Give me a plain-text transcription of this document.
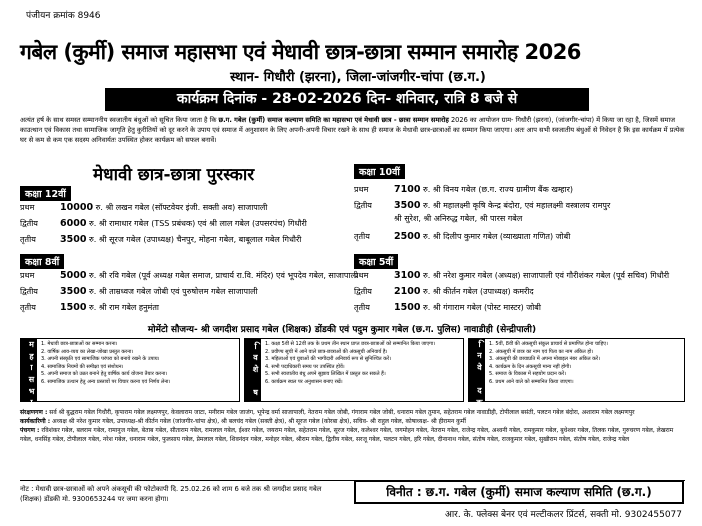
पंजीयन क्रमांक 8946
गबेल (कुर्मी) समाज महासभा एवं मेधावी छात्र-छात्रा सम्मान समारोह 2026
स्थान- गिधौरी (झरना), जिला-जांजगीर-चांपा (छ.ग.)
कार्यक्रम दिनांक - 28-02-2026 दिन- शनिवार, रात्रि 8 बजे से
अत्यंत हर्ष के साथ समस्त सम्माननीय स्वजातीय बंधुओं को सूचित किया जाता है कि छ.ग. गबेल (कुर्मी) समाज कल्याण समिति का महासभा एवं मेधावी छात्र - छात्रा सम्मान समारोह 2026 का आयोजन ग्राम- गिधौरी (झरना), (जांजगीर-चांपा) में किया जा रहा है, जिसमें समाज काउत्थान एवं विकास तथा सामाजिक जागृति हेतु कुरीतियों को दूर करने के उपाय एवं समाज में अनुशासन के लिए अपनी-अपनी विचार रखने के साथ ही समाज के मेधावी छात्र-छात्राओं का सम्मान किया जाएगा। अतः आप सभी स्वजातीय बंधुओं से निवेदन है कि इस कार्यक्रम में प्रत्येक घर से कम से कम एक सदस्य अनिवार्यतः उपस्थित होकर कार्यक्रम को सफल बनावें।
मेधावी छात्र-छात्रा पुरस्कार
कक्षा 12वीं
प्रथम	10000 रु. श्री लखन गबेल (सॉफ्टवेयर इंजी. सक्ती अव) साजापाली
द्वितीय 6000 रु. श्री रामाधार गबेल (TSS प्रबंधक) एवं श्री लाल गबेल (उपसरपंच) गिधौरी
तृतीय	3500 रु. श्री सूरज गबेल (उपाध्यक्ष) चैनपुर, मोहना गबेल, बाबूलाल गबेल गिधौरी
कक्षा 8वीं
प्रथम	5000 रु. श्री रवि गबेल (पूर्व अध्यक्ष गबेल समाज, प्राचार्य रा.वि. मंदिर) एवं भूपदेव गबेल, साजापाली
द्वितीय 3500 रु. श्री ताम्रध्वज गबेल जोबी एवं पुरुषोत्तम गबेल साजापाली
तृतीय	1500 रु. श्री राम गबेल हनुमंता
कक्षा 10वीं
प्रथम	7100 रु. श्री विनय गबेल (छ.ग. राज्य ग्रामीण बैंक खम्हार)
द्वितीय 3500 रु. श्री महालक्ष्मी कृषि केन्द्र बंदोरा, एवं महालक्ष्मी वस्त्रालय रामपुर
श्री सुरेश, श्री अनिरुद्ध गबेल, श्री पारस गबेल
तृतीय	2500 रु. श्री दिलीप कुमार गबेल (व्याख्याता गणित) जोबी
कक्षा 5वीं
प्रथम	3100 रु. श्री नरेश कुमार गबेल (अध्यक्ष) साजापाली एवं गौरीशंकर गबेल (पूर्व सचिव) गिधौरी
द्वितीय 2100 रु. श्री कीर्तन गबेल (उपाध्यक्ष) कमरीद
तृतीय	1500 रु. श्री गंगाराम गबेल (पोस्ट मास्टर) जोबी
मोमेंटो सौजन्य- श्री जगदीश प्रसाद गबेल (शिक्षक) डोंडकी एवं पदुम कुमार गबेल (छ.ग. पुलिस) नावाडीही (सेन्द्रीपाली)
महासभा 1. मेधावी छात्र-छात्राओं का सम्मान करना।
2. वार्षिक आय-व्यय का लेखा-जोखा प्रस्तुत करना।
3. अपनी संस्कृति एवं सामाजिक परंपरा को बनाये रखने के उपाय।
4. सामाजिक नियमों की समीक्षा एवं संशोधन।
5. अपनी समाज को उन्नत बनाने हेतु वार्षिक कार्य योजना तैयार करना।
6. सामाजिक उत्थान हेतु अन्य प्रस्तावों पर विचार करना एवं निर्णय लेना।	विशेष 1. कक्षा 5वीं से 12वीं तक के प्रथम तीन स्थान प्राप्त छात्र-छात्राओं को सम्मानित किया जाएगा।
2. प्रवीण्य सूची में आने वाले छात्र-छात्राओं की अंकसूची अनिवार्य है।
3. महिलाओं एवं युवाओं की भागीदारी अनिवार्य रूप से सुनिश्चित करें।
4. सभी पदाधिकारी समय पर उपस्थित होवें।
5. सभी स्वजातीय बंधु अपने सुझाव लिखित में प्रस्तुत कर सकते हैं।
6. कार्यक्रम स्थल पर अनुशासन बनाए रखें।	निवेदक 1. 5वीं, 8वीं की अंकसूची संकुल प्राचार्य से प्रमाणित होना चाहिए।
2. अंकसूची में छात्र का नाम एवं पिता का नाम अंकित हो।
3. अंकसूची की छायाप्रति में अपना मोबाइल नंबर अंकित करें।
4. कार्यक्रम के दिन अंकसूची मान्य नहीं होगी।
5. समाज के विकास में सहयोग प्रदान करें।
6. प्रथम आने वाले को सम्मानित किया जाएगा।
संरक्षणगण : सर्व श्री बुद्धराम गबेल गिधौरी, कृपाराम गबेल लक्ष्मणपुर, केवलाराम जाटा, मनीराम गबेल जाजंग, भूपेन्द्र वर्मा साजापाली, नेतराम गबेल जोबी, गंगाराम गबेल जोबी, धनाराम गबेल तुमान, सहेतराम गबेल नावाडीही, टोपीलाल बसंती, पलटन गबेल बंदोरा, अशाराम गबेल लक्ष्मणपुर
कार्यकारिणी : अध्यक्ष श्री नरेश कुमार गबेल, उपाध्यक्ष-श्री कीर्तन गबेल (जांजगीर-चांपा क्षेत्र), श्री बलचंद गबेल (सक्ती क्षेत्र), श्री सूरज गबेल (कोरबा क्षेत्र), सचिव- श्री राहुल गबेल, कोषाध्यक्ष- श्री हीरामन कुर्मी
पंचगण : रविशंकर गबेल, बलराम गबेल, रामानुज गबेल, बेताब गबेल, सीताराम गबेल, रामलाल गबेल, ईश्वर गबेल, जयराम गबेल, सहेतराम गबेल, सूरज गबेल, कलेश्वर गबेल, जगमोहन गबेल, नेतराम गबेल, राजेन्द्र गबेल, अश्वनी गबेल, रामकुमार गबेल, बुधेश्वर गबेल, तिलक गबेल, गुरुचरण गबेल, लेखराम गबेल, धनसिंह गबेल, टोपीलाल गबेल, नरेश गबेल, धनाराम गबेल, फुलसाय गबेल, प्रेमलाल गबेल, शिवनंदन गबेल, मनोहर गबेल, श्रीराम गबेल, द्वितीय गबेल, सरजू गबेल, पलटन गबेल, हरि गबेल, दीनानाथ गबेल, संतोष गबेल, राजकुमार गबेल, सुखीराम गबेल, संतोष गबेल, राजेन्द्र गबेल
नोट : मेधावी छात्र-छात्राओं को अपने अंकसूची की फोटोकापी दि. 25.02.26 को शाम 6 बजे तक श्री जगदीश प्रसाद गबेल (शिक्षक) डोंडकी मो. 9300653244 पर जमा करना होगा।	विनीत : छ.ग. गबेल (कुर्मी) समाज कल्याण समिति (छ.ग.)
आर. के. फ्लेक्स बेनर एवं मल्टीकलर प्रिंटर्स, सक्ती मो. 9302455077
